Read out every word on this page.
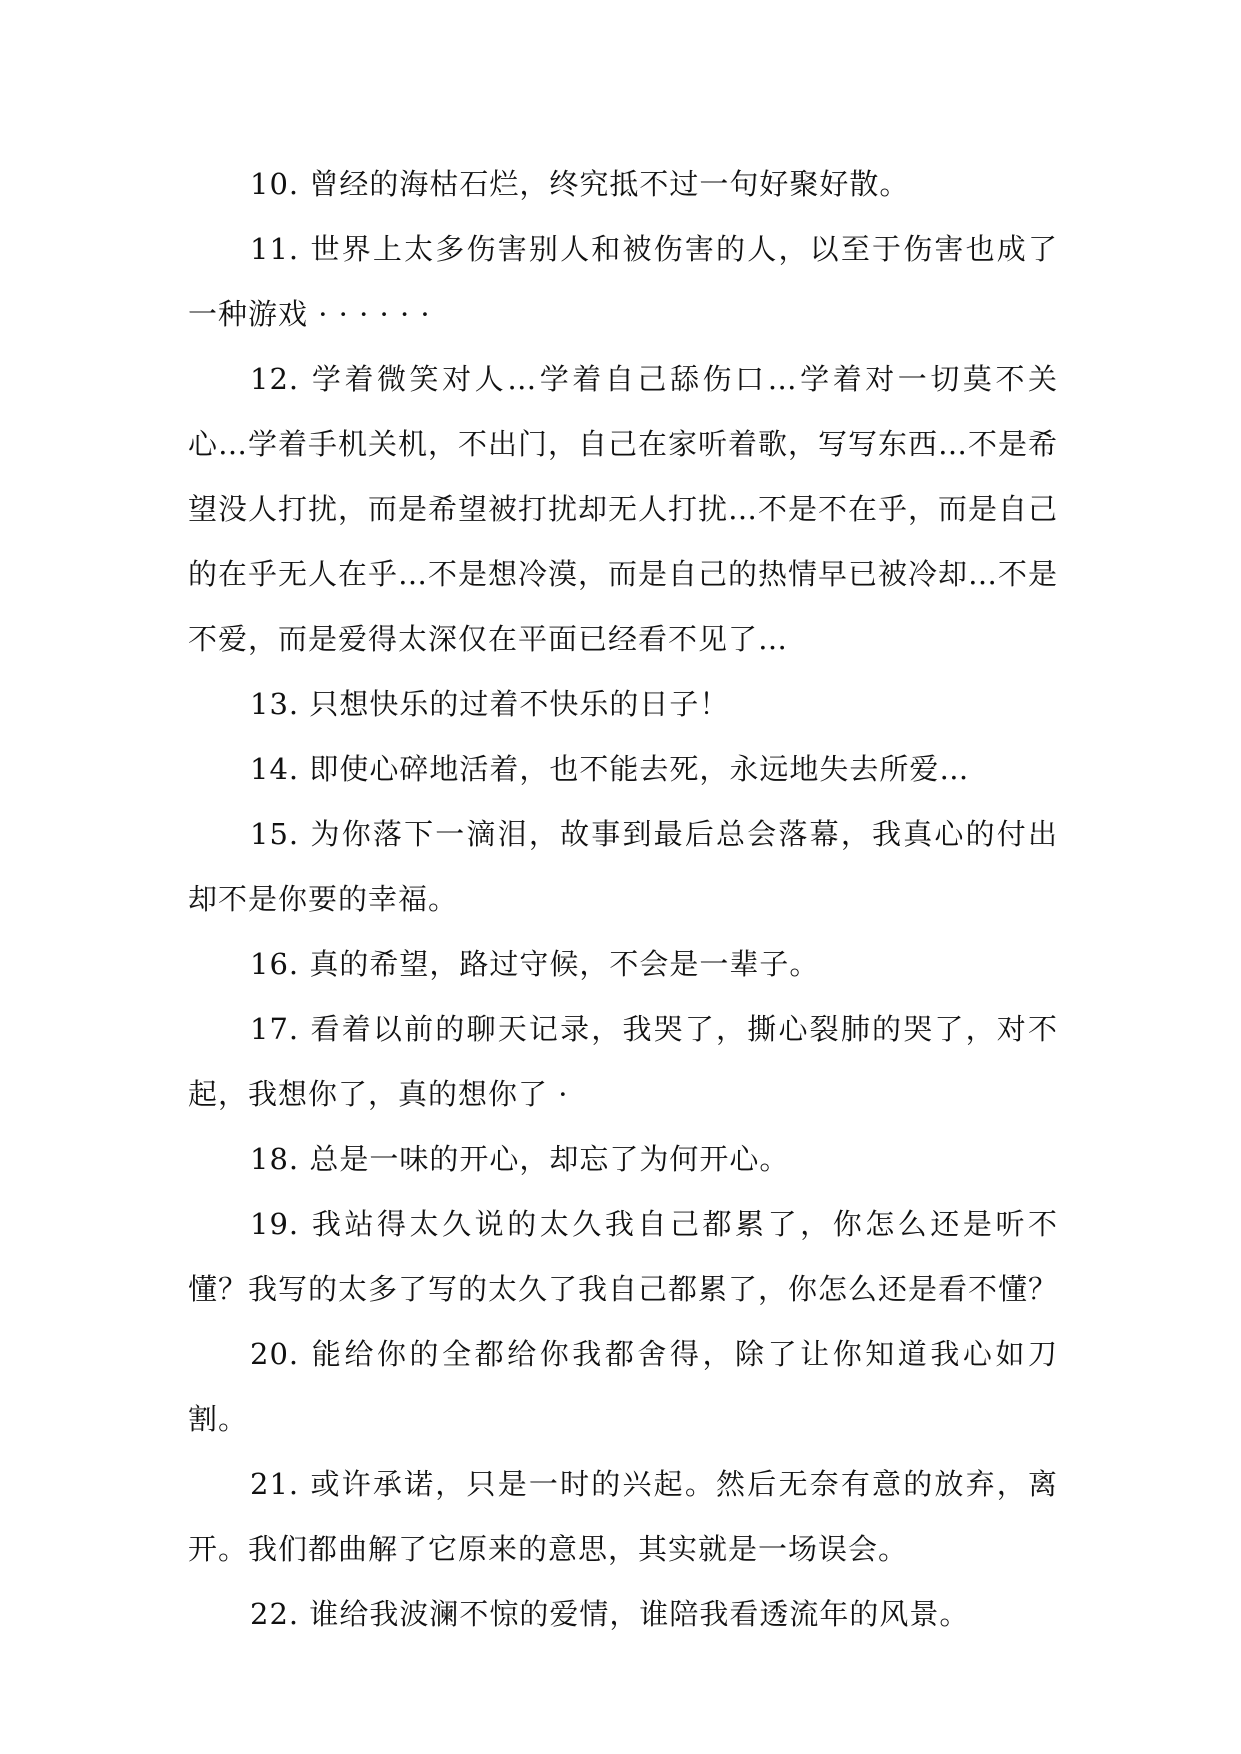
10. 曾经的海枯石烂，终究抵不过一句好聚好散。

11. 世界上太多伤害别人和被伤害的人，以至于伤害也成了一种游戏 · · · · · ·

12. 学着微笑对人…学着自己舔伤口…学着对一切莫不关心…学着手机关机，不出门，自己在家听着歌，写写东西…不是希望没人打扰，而是希望被打扰却无人打扰…不是不在乎，而是自己的在乎无人在乎…不是想冷漠，而是自己的热情早已被冷却…不是不爱，而是爱得太深仅在平面已经看不见了…

13. 只想快乐的过着不快乐的日子！

14. 即使心碎地活着，也不能去死，永远地失去所爱…

15. 为你落下一滴泪，故事到最后总会落幕，我真心的付出却不是你要的幸福。

16. 真的希望，路过守候，不会是一辈子。

17. 看着以前的聊天记录，我哭了，撕心裂肺的哭了，对不起，我想你了，真的想你了 ·

18. 总是一味的开心，却忘了为何开心。

19. 我站得太久说的太久我自己都累了，你怎么还是听不懂？我写的太多了写的太久了我自己都累了，你怎么还是看不懂？

20. 能给你的全都给你我都舍得，除了让你知道我心如刀割。

21. 或许承诺，只是一时的兴起。然后无奈有意的放弃，离开。我们都曲解了它原来的意思，其实就是一场误会。

22. 谁给我波澜不惊的爱情，谁陪我看透流年的风景。
